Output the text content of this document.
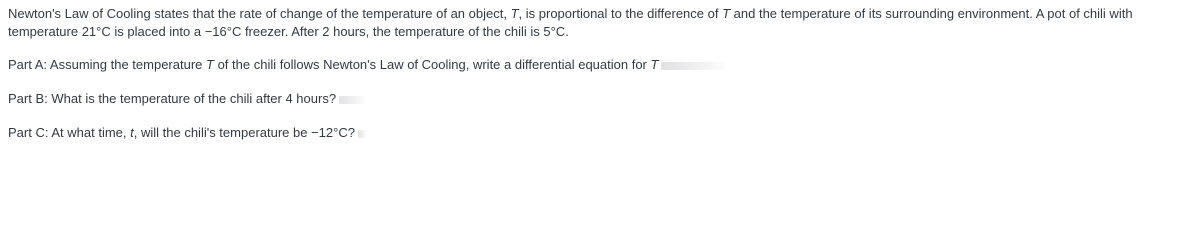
Newton's Law of Cooling states that the rate of change of the temperature of an object, T, is proportional to the difference of T and the temperature of its surrounding environment. A pot of chili with temperature 21°C is placed into a −16°C freezer. After 2 hours, the temperature of the chili is 5°C.

Part A: Assuming the temperature T of the chili follows Newton's Law of Cooling, write a differential equation for T

Part B: What is the temperature of the chili after 4 hours?

Part C: At what time, t, will the chili's temperature be −12°C?
